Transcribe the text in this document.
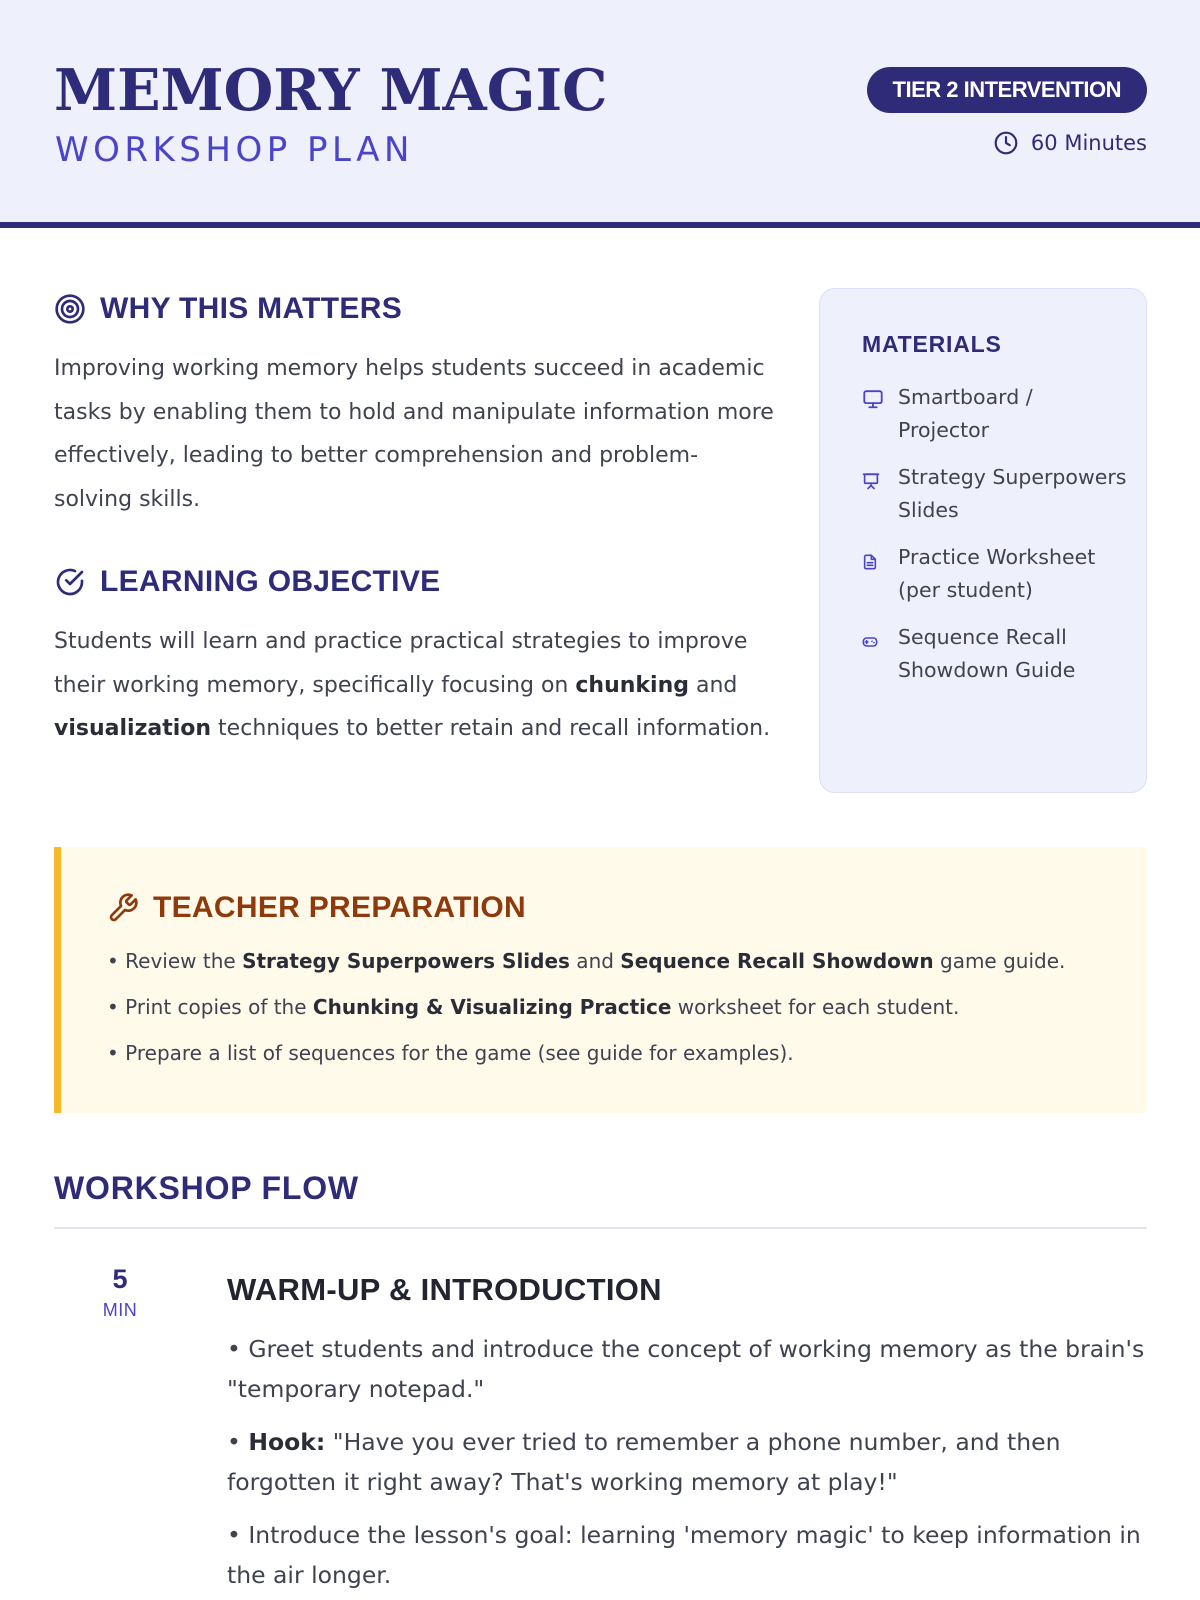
MEMORY MAGIC
WORKSHOP PLAN
TIER 2 INTERVENTION
60 Minutes
WHY THIS MATTERS
Improving working memory helps students succeed in academic tasks by enabling them to hold and manipulate information more effectively, leading to better comprehension and problem-solving skills.
LEARNING OBJECTIVE
Students will learn and practice practical strategies to improve their working memory, specifically focusing on chunking and visualization techniques to better retain and recall information.
MATERIALS
Smartboard / Projector
Strategy Superpowers Slides
Practice Worksheet (per student)
Sequence Recall Showdown Guide
TEACHER PREPARATION
• Review the Strategy Superpowers Slides and Sequence Recall Showdown game guide.
• Print copies of the Chunking & Visualizing Practice worksheet for each student.
• Prepare a list of sequences for the game (see guide for examples).
WORKSHOP FLOW
5
MIN
WARM-UP & INTRODUCTION
• Greet students and introduce the concept of working memory as the brain's "temporary notepad."
• Hook: "Have you ever tried to remember a phone number, and then forgotten it right away? That's working memory at play!"
• Introduce the lesson's goal: learning 'memory magic' to keep information in the air longer.
